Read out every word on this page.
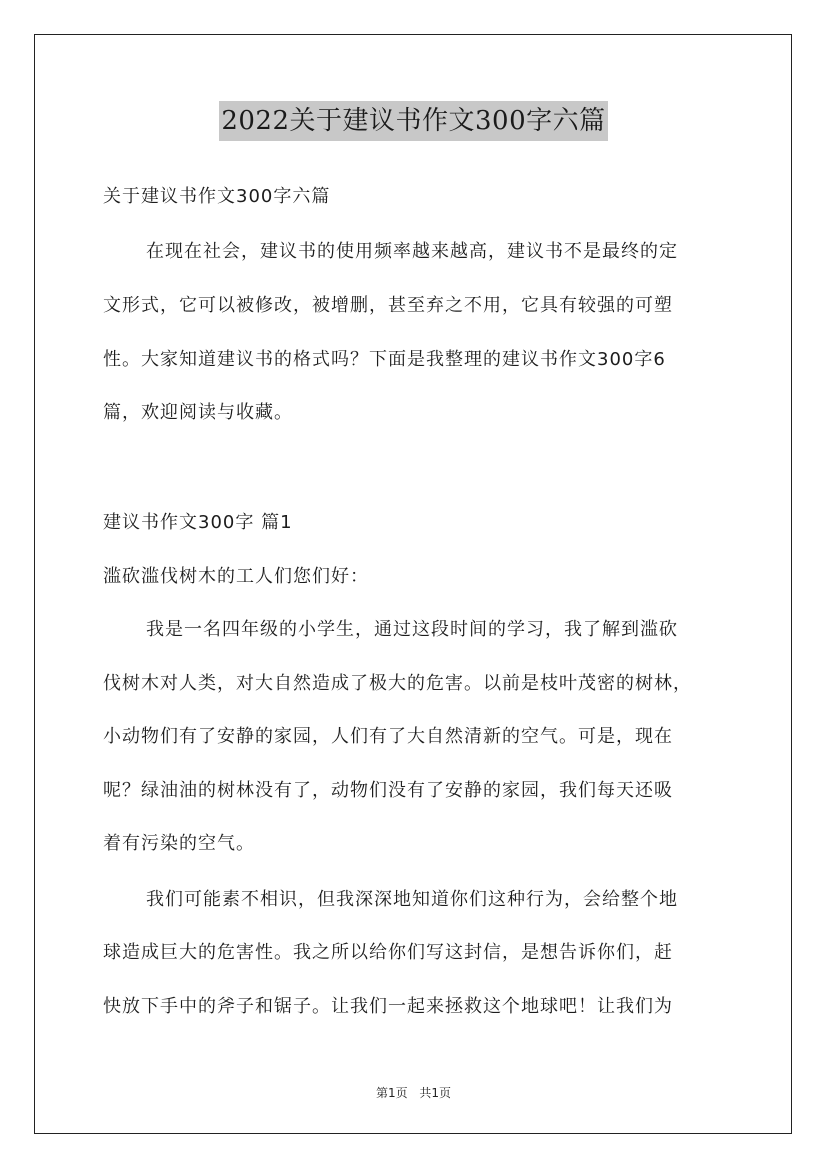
2022关于建议书作文300字六篇
关于建议书作文300字六篇
在现在社会，建议书的使用频率越来越高，建议书不是最终的定
文形式，它可以被修改，被增删，甚至弃之不用，它具有较强的可塑
性。大家知道建议书的格式吗？下面是我整理的建议书作文300字6
篇，欢迎阅读与收藏。
建议书作文300字 篇1
滥砍滥伐树木的工人们您们好：
我是一名四年级的小学生，通过这段时间的学习，我了解到滥砍
伐树木对人类，对大自然造成了极大的危害。以前是枝叶茂密的树林，
小动物们有了安静的家园，人们有了大自然清新的空气。可是，现在
呢？绿油油的树林没有了，动物们没有了安静的家园，我们每天还吸
着有污染的空气。
我们可能素不相识，但我深深地知道你们这种行为，会给整个地
球造成巨大的危害性。我之所以给你们写这封信，是想告诉你们，赶
快放下手中的斧子和锯子。让我们一起来拯救这个地球吧！让我们为
第1页 共1页
